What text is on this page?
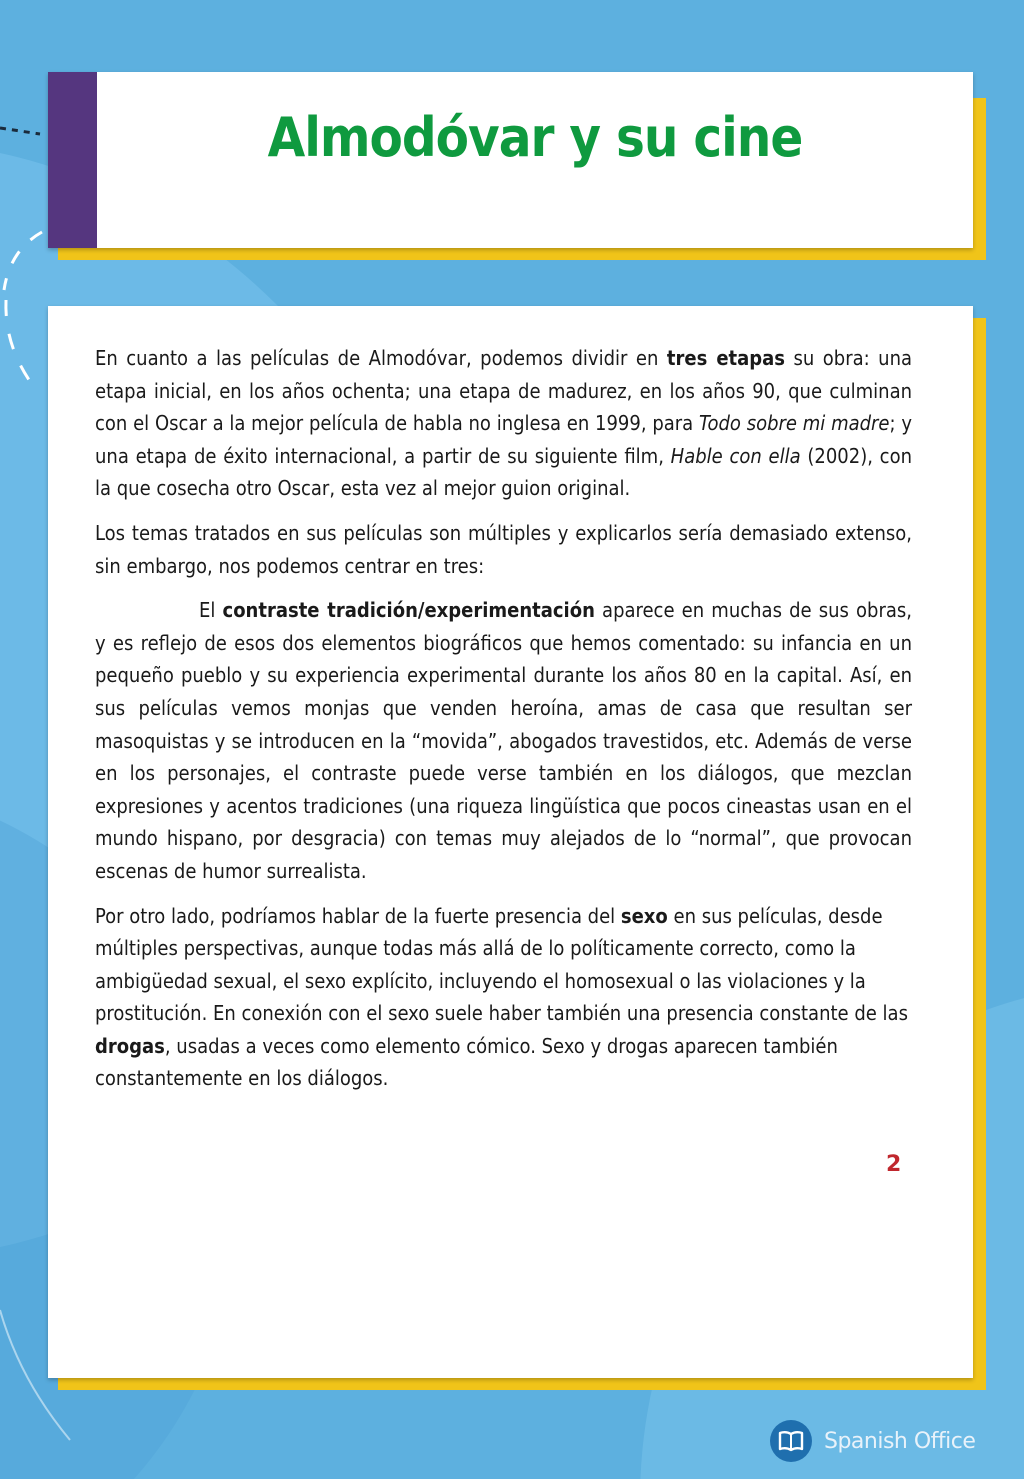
Almodóvar y su cine

En cuanto a las películas de Almodóvar, podemos dividir en tres etapas su obra: una etapa inicial, en los años ochenta; una etapa de madurez, en los años 90, que culminan con el Oscar a la mejor película de habla no inglesa en 1999, para Todo sobre mi madre; y una etapa de éxito internacional, a partir de su siguiente film, Hable con ella (2002), con la que cosecha otro Oscar, esta vez al mejor guion original.

Los temas tratados en sus películas son múltiples y explicarlos sería demasiado extenso, sin embargo, nos podemos centrar en tres:

El contraste tradición/experimentación aparece en muchas de sus obras, y es reflejo de esos dos elementos biográficos que hemos comentado: su infancia en un pequeño pueblo y su experiencia experimental durante los años 80 en la capital. Así, en sus películas vemos monjas que venden heroína, amas de casa que resultan ser masoquistas y se introducen en la “movida”, abogados travestidos, etc. Además de verse en los personajes, el contraste puede verse también en los diálogos, que mezclan expresiones y acentos tradiciones (una riqueza lingüística que pocos cineastas usan en el mundo hispano, por desgracia) con temas muy alejados de lo “normal”, que provocan escenas de humor surrealista.

Por otro lado, podríamos hablar de la fuerte presencia del sexo en sus películas, desde múltiples perspectivas, aunque todas más allá de lo políticamente correcto, como la ambigüedad sexual, el sexo explícito, incluyendo el homosexual o las violaciones y la prostitución. En conexión con el sexo suele haber también una presencia constante de las drogas, usadas a veces como elemento cómico. Sexo y drogas aparecen también constantemente en los diálogos.

2
Spanish Office
